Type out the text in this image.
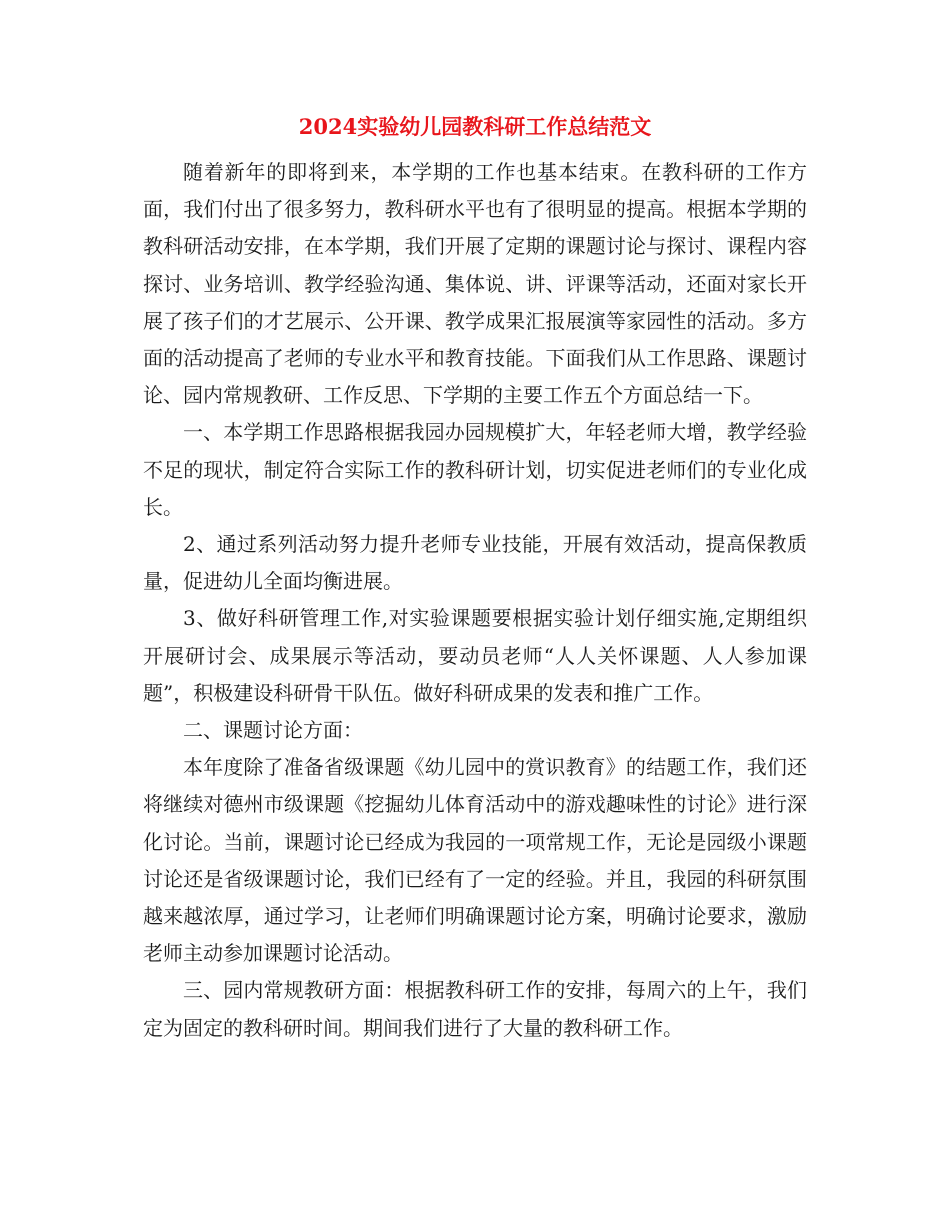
2024实验幼儿园教科研工作总结范文

随着新年的即将到来，本学期的工作也基本结束。在教科研的工作方面，我们付出了很多努力，教科研水平也有了很明显的提高。根据本学期的教科研活动安排，在本学期，我们开展了定期的课题讨论与探讨、课程内容探讨、业务培训、教学经验沟通、集体说、讲、评课等活动，还面对家长开展了孩子们的才艺展示、公开课、教学成果汇报展演等家园性的活动。多方面的活动提高了老师的专业水平和教育技能。下面我们从工作思路、课题讨论、园内常规教研、工作反思、下学期的主要工作五个方面总结一下。

一、本学期工作思路根据我园办园规模扩大，年轻老师大增，教学经验不足的现状，制定符合实际工作的教科研计划，切实促进老师们的专业化成长。

2、通过系列活动努力提升老师专业技能，开展有效活动，提高保教质量，促进幼儿全面均衡进展。

3、做好科研管理工作,对实验课题要根据实验计划仔细实施,定期组织开展研讨会、成果展示等活动，要动员老师“人人关怀课题、人人参加课题”，积极建设科研骨干队伍。做好科研成果的发表和推广工作。

二、课题讨论方面：

本年度除了准备省级课题《幼儿园中的赏识教育》的结题工作，我们还将继续对德州市级课题《挖掘幼儿体育活动中的游戏趣味性的讨论》进行深化讨论。当前，课题讨论已经成为我园的一项常规工作，无论是园级小课题讨论还是省级课题讨论，我们已经有了一定的经验。并且，我园的科研氛围越来越浓厚，通过学习，让老师们明确课题讨论方案，明确讨论要求，激励老师主动参加课题讨论活动。

三、园内常规教研方面：根据教科研工作的安排，每周六的上午，我们定为固定的教科研时间。期间我们进行了大量的教科研工作。
